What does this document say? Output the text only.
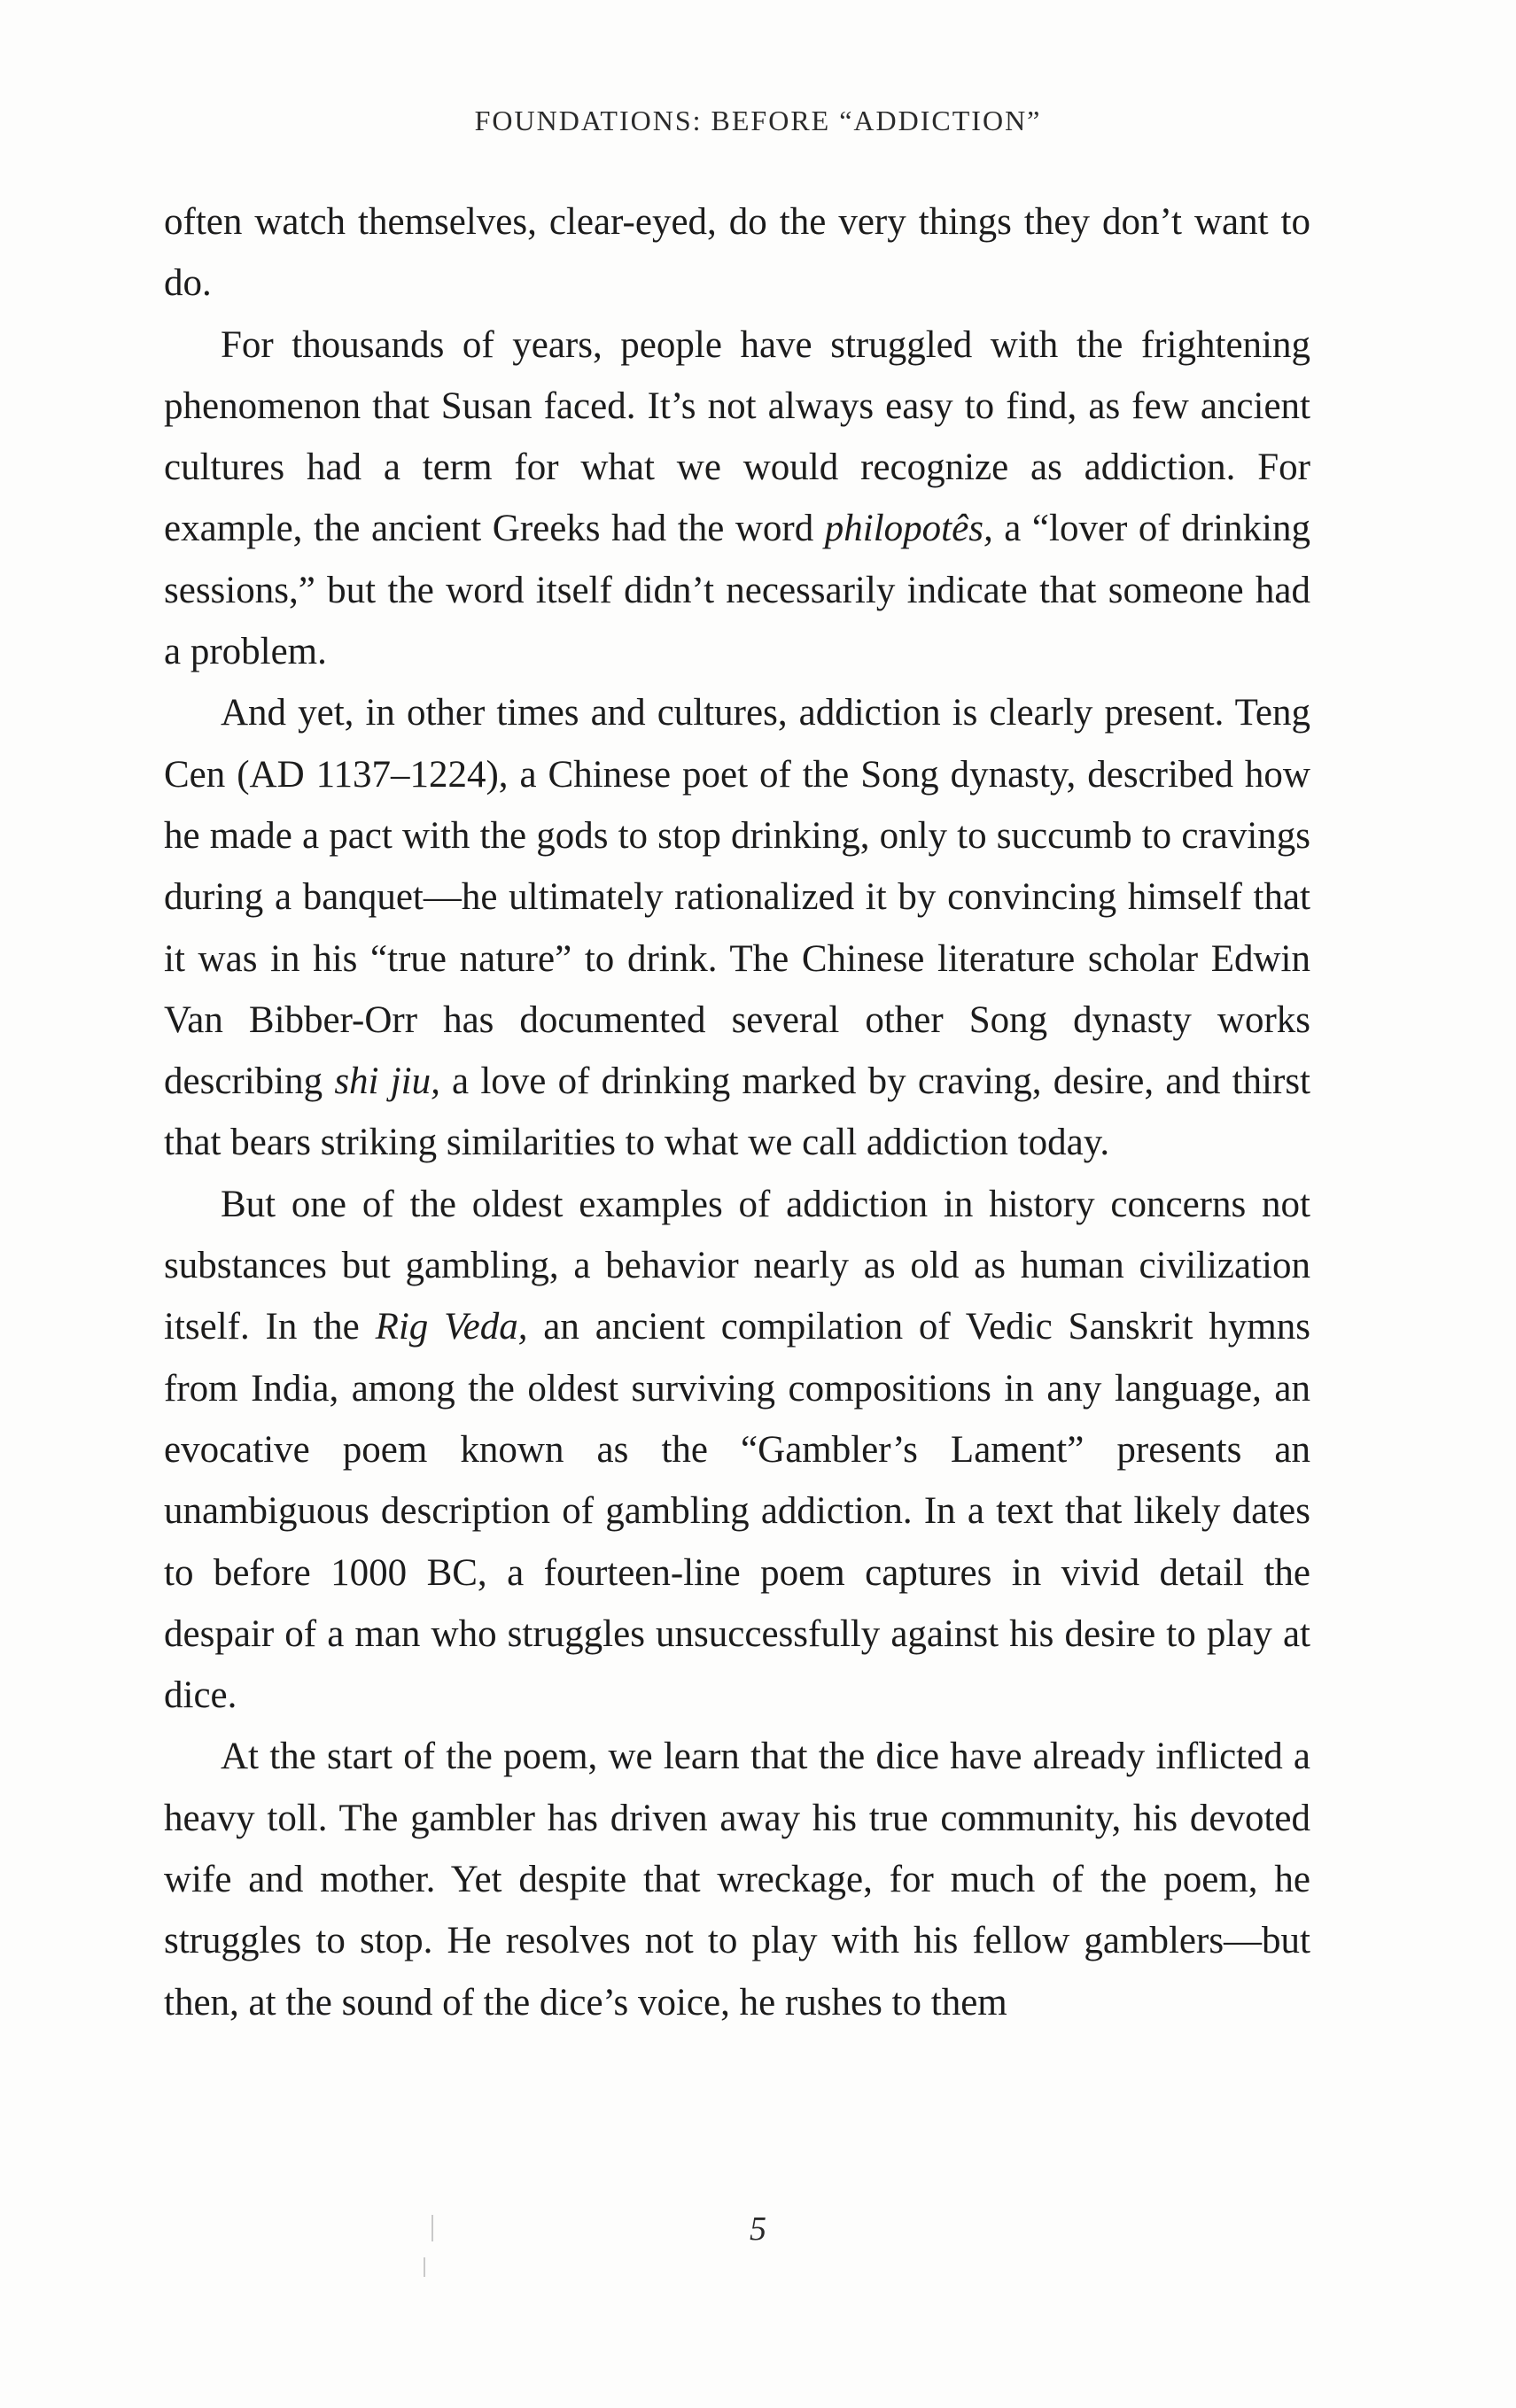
FOUNDATIONS: BEFORE “ADDICTION”

often watch themselves, clear-eyed, do the very things they don’t want to do.

For thousands of years, people have struggled with the frightening phenomenon that Susan faced. It’s not always easy to find, as few ancient cultures had a term for what we would recognize as addiction. For example, the ancient Greeks had the word philopotês, a “lover of drinking sessions,” but the word itself didn’t necessarily indicate that someone had a problem.

And yet, in other times and cultures, addiction is clearly present. Teng Cen (AD 1137–1224), a Chinese poet of the Song dynasty, described how he made a pact with the gods to stop drinking, only to succumb to cravings during a banquet—he ultimately rationalized it by convincing himself that it was in his “true nature” to drink. The Chinese literature scholar Edwin Van Bibber-Orr has documented several other Song dynasty works describing shi jiu, a love of drinking marked by craving, desire, and thirst that bears striking similarities to what we call addiction today.

But one of the oldest examples of addiction in history concerns not substances but gambling, a behavior nearly as old as human civilization itself. In the Rig Veda, an ancient compilation of Vedic Sanskrit hymns from India, among the oldest surviving compositions in any language, an evocative poem known as the “Gambler’s Lament” presents an unambiguous description of gambling addiction. In a text that likely dates to before 1000 BC, a fourteen-line poem captures in vivid detail the despair of a man who struggles unsuccessfully against his desire to play at dice.

At the start of the poem, we learn that the dice have already inflicted a heavy toll. The gambler has driven away his true community, his devoted wife and mother. Yet despite that wreckage, for much of the poem, he struggles to stop. He resolves not to play with his fellow gamblers—but then, at the sound of the dice’s voice, he rushes to them

5
